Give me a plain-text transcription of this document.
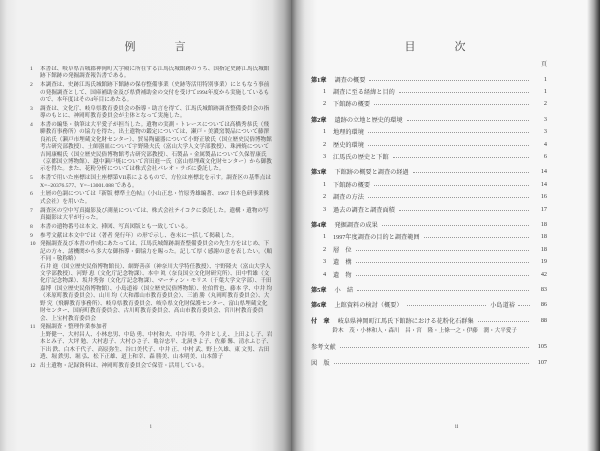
例　言
1	本書は、岐阜県吉城郡神岡町大字殿に所在する江馬氏城館跡のうち、国指定史跡江馬氏城館跡下館跡の発掘調査報告書である。
2	本調査は、史跡江馬氏城館跡下館跡の保存整備事業（史跡等活用特別事業）にともなう事前の発掘調査として、国庫補助金及び県費補助金の交付を受けて1994年度から実施しているもので、本年度はその4年目にあたる。
3	調査は、文化庁、岐阜県教育委員会の指導・助言を得て、江馬氏城館跡調査整備委員会の指導のもとに、神岡町教育委員会が主体となって実施した。
4	本書の編集・執筆は大平愛子が担当した。遺物の実測・トレースについては高橋秀恭氏（飛騨教育事務所）の協力を得た。出土遺物の鑑定については、瀬戸・美濃窯製品について藤澤良祐氏（瀬戸市埋蔵文化財センター）、貿易陶磁器について小野正敏氏（国立歴史民俗博物館考古研究部教授）、土師器皿について宇野隆夫氏（富山大学人文学部教授）、珠洲焼について吉岡康暢氏（国立歴史民俗博物館考古研究部教授）、石製品・金属製品について久保智康氏（京都国立博物館）、越中瀬戸焼について宮田進一氏（富山県埋蔵文化財センター）から御教示を得た。また、花粉分析については株式会社パレオ・ラボに委託した。
5	本書で用いた座標は国土座標第VII系によるもので、方位は座標北を示す。調査区の基準点は X=−20376.577、Y=−13001.088 である。
6	土層の色調については『新版 標準土色帖』（小山正忠・竹原秀雄編著、1967 日本色研事業株式会社）を用いた。
7	調査区の空中写真撮影及び測量については、株式会社テイコクに委託した。遺構・遺物の写真撮影は大平が行った。
8	本書の遺物番号は本文、挿図、写真図版とも一致している。
9	参考文献は本文中では（著者 発行年）の形で示し、巻末に一括して掲載した。
10 発掘調査及び本書の作成にあたっては、江馬氏城館跡調査整備委員会の先生方をはじめ、下記の方々、諸機関から多大な御指導・御協力を賜った。記して厚く感謝の意を表したい。（順不同・敬称略）
石井 進（国立歴史民俗博物館長）、網野善彦（神奈川大学特任教授）、宇野隆夫（富山大学人文学部教授）、河野 恵（文化庁記念物課）、本中 眞（奈良国立文化財研究所）、田中哲雄（文化庁記念物課）、坂井秀弥（文化庁記念物課）、マーティン・モリス（千葉大学文学部）、千田嘉博（国立歴史民俗博物館）、小島道裕（国立歴史民俗博物館）、佐伯哲也、藤本 学、中井 均（米原町教育委員会）、山川 均（大和郡山市教育委員会）、三浦 勝（丸岡町教育委員会）、大野 究（飛騨教育事務所）、岐阜県教育委員会、岐阜県文化財保護センター、富山県埋蔵文化財センター、国府町教育委員会、古川町教育委員会、高山市教育委員会、宮川村教育委員会、上宝村教育委員会
11 発掘調査・整理作業参加者
上野健一、大村昌人、小林忠男、中島 勇、中村和夫、中谷 明、今井としえ、上田よし子、岩本とみ子、大坪 勉、大村恵子、大村ひさ子、亀谷忠平、北洞きよ子、佐藤 馨、清水ふじ子、下出 鉄、白木千代子、高原弥生、谷口美代子、中井 正、中村 武、野上久雄、東 文男、古田 透、堀 鉄男、堀 弘、松下正雄、道上和幸、森 勝美、山本明美、山本節子
12 出土遺物・記録資料は、神岡町教育委員会で保管・活用している。
i
目　次
頁
第1章 調査の概要	1
1	調査に至る経緯と目的	1
2	下館跡の概要	2
第2章 遺跡の立地と歴史的環境	3
1	地理的環境	3
2	歴史的環境	4
3	江馬氏の歴史と下館	6
第3章 下館跡の概要と調査の経過	14
1	下館跡の概要	14
2	調査の方法	16
3	過去の調査と調査面積	17
第4章 発掘調査の成果	18
1	1997年度調査の目的と調査範囲	18
2	層　位	18
3	遺　構	19
4	遺　物	42
第5章 小　結	83
第6章 上館資料の検討（概要）	小島道裕	86
付　章 岐阜県神岡町江馬氏下館跡における花粉化石群集	88
鈴木　茂・小林和人・森川　昌・宮　隆・上條一之・伊藤　潤・大平愛子
参考文献	105
図　版	107
ii
